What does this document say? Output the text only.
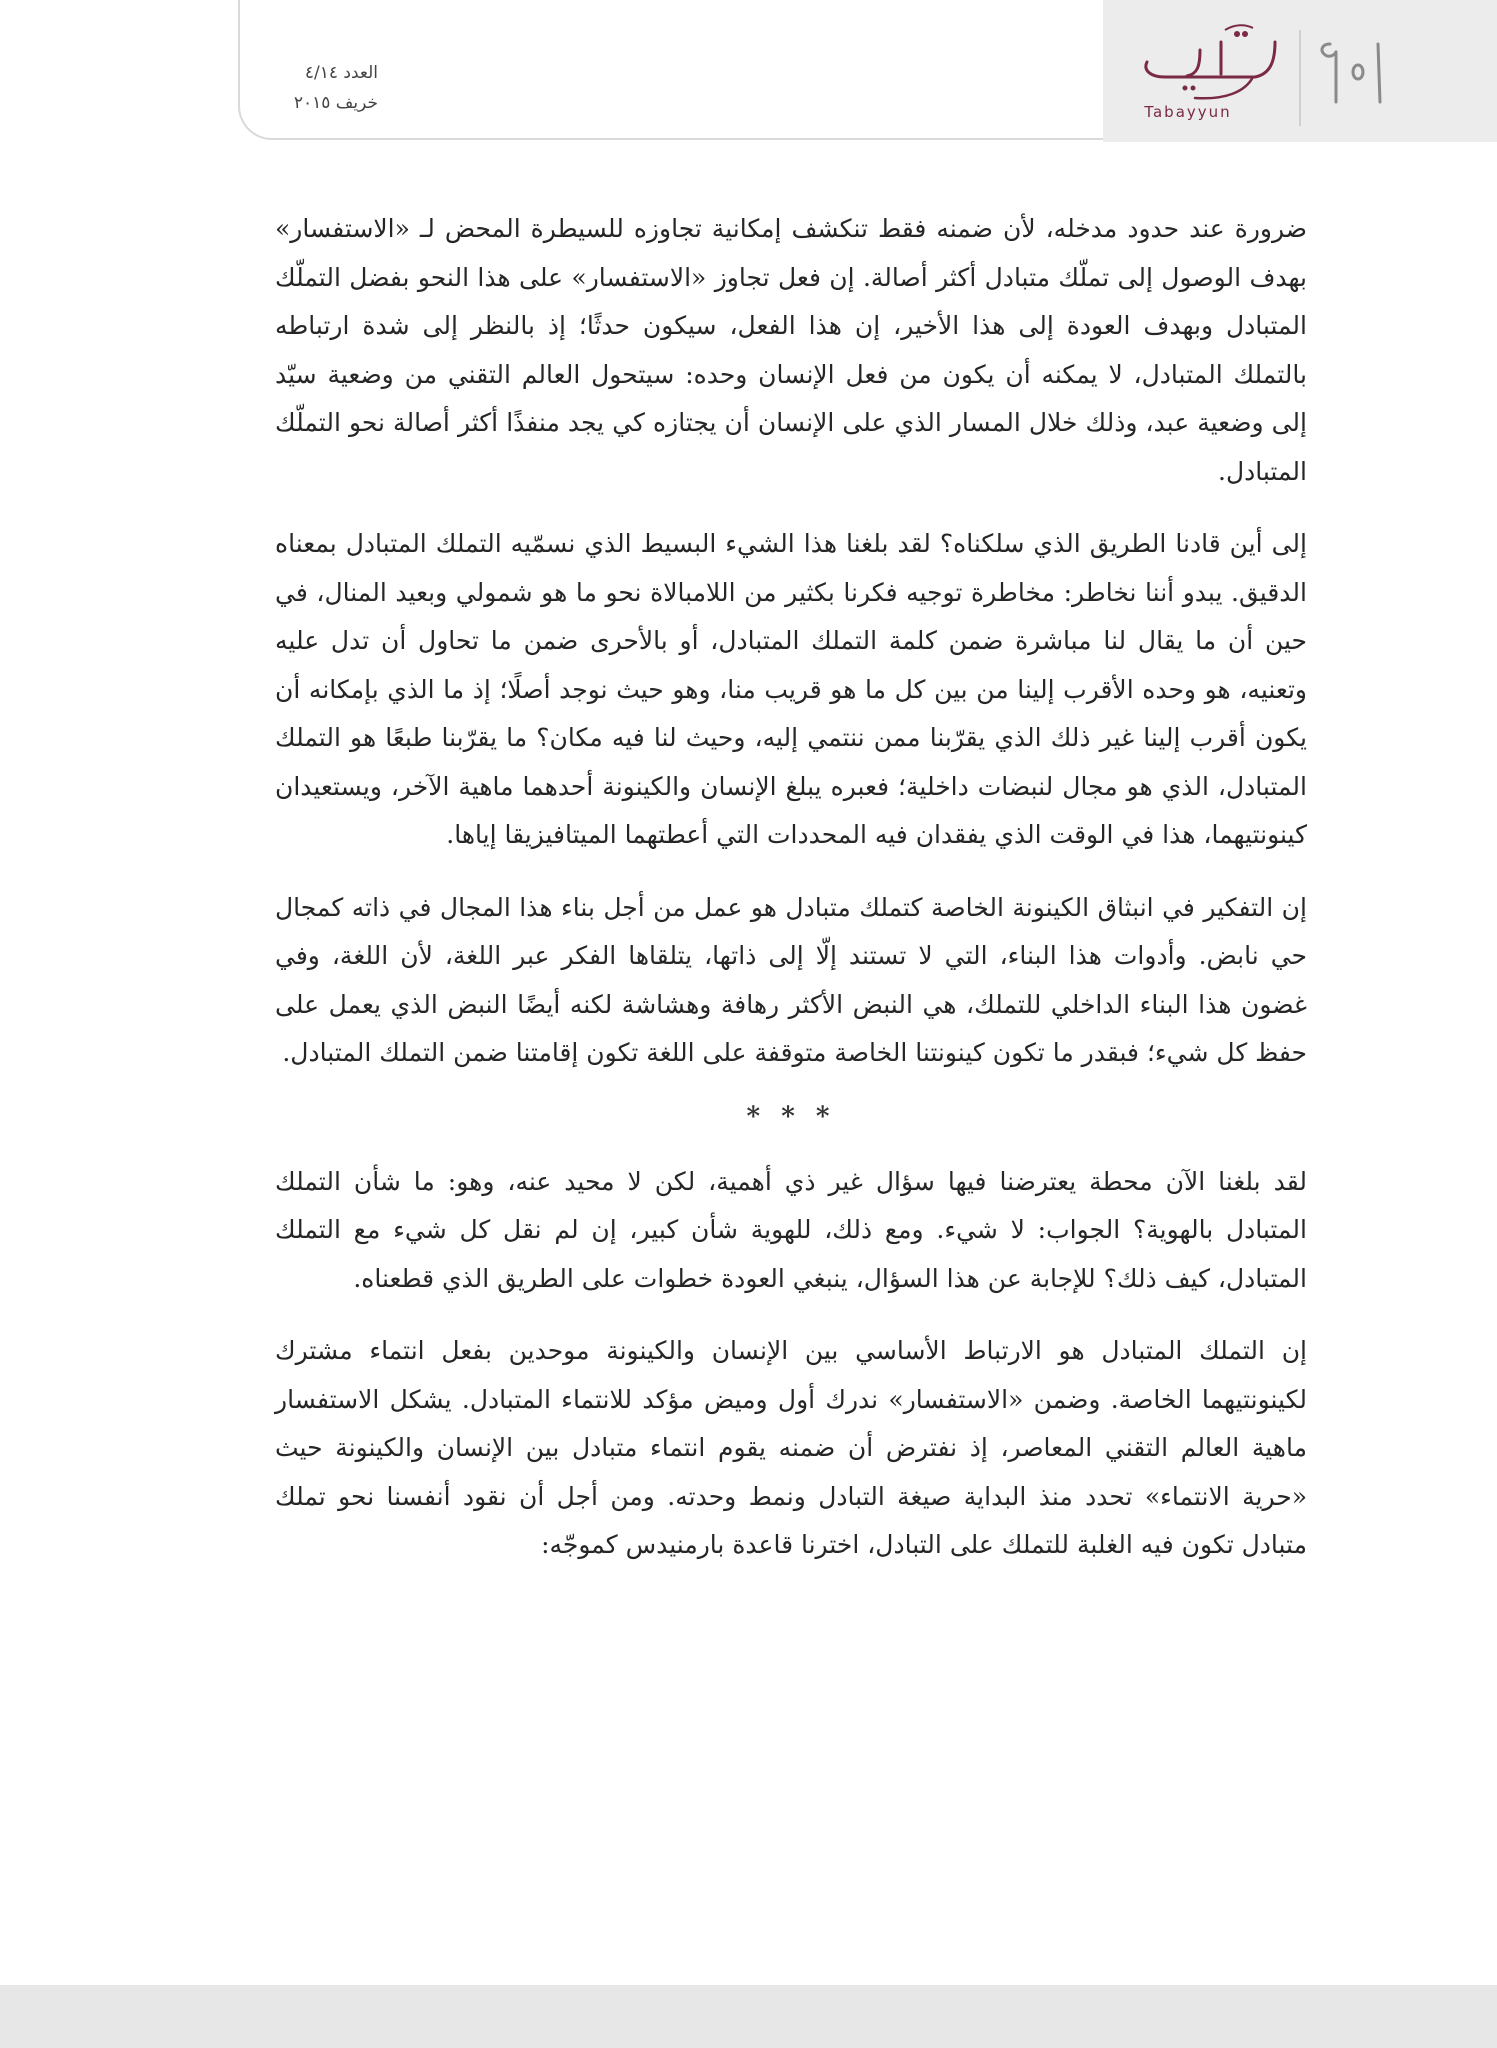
Tabayyun
العدد ٤/١٤
خريف ٢٠١٥

ضرورة عند حدود مدخله، لأن ضمنه فقط تنكشف إمكانية تجاوزه للسيطرة المحض لـ «الاستفسار» بهدف الوصول إلى تملّك متبادل أكثر أصالة. إن فعل تجاوز «الاستفسار» على هذا النحو بفضل التملّك المتبادل وبهدف العودة إلى هذا الأخير، إن هذا الفعل، سيكون حدثًا؛ إذ بالنظر إلى شدة ارتباطه بالتملك المتبادل، لا يمكنه أن يكون من فعل الإنسان وحده: سيتحول العالم التقني من وضعية سيّد إلى وضعية عبد، وذلك خلال المسار الذي على الإنسان أن يجتازه كي يجد منفذًا أكثر أصالة نحو التملّك المتبادل.

إلى أين قادنا الطريق الذي سلكناه؟ لقد بلغنا هذا الشيء البسيط الذي نسمّيه التملك المتبادل بمعناه الدقيق. يبدو أننا نخاطر: مخاطرة توجيه فكرنا بكثير من اللامبالاة نحو ما هو شمولي وبعيد المنال، في حين أن ما يقال لنا مباشرة ضمن كلمة التملك المتبادل، أو بالأحرى ضمن ما تحاول أن تدل عليه وتعنيه، هو وحده الأقرب إلينا من بين كل ما هو قريب منا، وهو حيث نوجد أصلًا؛ إذ ما الذي بإمكانه أن يكون أقرب إلينا غير ذلك الذي يقرّبنا ممن ننتمي إليه، وحيث لنا فيه مكان؟ ما يقرّبنا طبعًا هو التملك المتبادل، الذي هو مجال لنبضات داخلية؛ فعبره يبلغ الإنسان والكينونة أحدهما ماهية الآخر، ويستعيدان كينونتيهما، هذا في الوقت الذي يفقدان فيه المحددات التي أعطتهما الميتافيزيقا إياها.

إن التفكير في انبثاق الكينونة الخاصة كتملك متبادل هو عمل من أجل بناء هذا المجال في ذاته كمجال حي نابض. وأدوات هذا البناء، التي لا تستند إلّا إلى ذاتها، يتلقاها الفكر عبر اللغة، لأن اللغة، وفي غضون هذا البناء الداخلي للتملك، هي النبض الأكثر رهافة وهشاشة لكنه أيضًا النبض الذي يعمل على حفظ كل شيء؛ فبقدر ما تكون كينونتنا الخاصة متوقفة على اللغة تكون إقامتنا ضمن التملك المتبادل.

* * *

لقد بلغنا الآن محطة يعترضنا فيها سؤال غير ذي أهمية، لكن لا محيد عنه، وهو: ما شأن التملك المتبادل بالهوية؟ الجواب: لا شيء. ومع ذلك، للهوية شأن كبير، إن لم نقل كل شيء مع التملك المتبادل، كيف ذلك؟ للإجابة عن هذا السؤال، ينبغي العودة خطوات على الطريق الذي قطعناه.

إن التملك المتبادل هو الارتباط الأساسي بين الإنسان والكينونة موحدين بفعل انتماء مشترك لكينونتيهما الخاصة. وضمن «الاستفسار» ندرك أول وميض مؤكد للانتماء المتبادل. يشكل الاستفسار ماهية العالم التقني المعاصر، إذ نفترض أن ضمنه يقوم انتماء متبادل بين الإنسان والكينونة حيث «حرية الانتماء» تحدد منذ البداية صيغة التبادل ونمط وحدته. ومن أجل أن نقود أنفسنا نحو تملك متبادل تكون فيه الغلبة للتملك على التبادل، اخترنا قاعدة بارمنيدس كموجّه:
